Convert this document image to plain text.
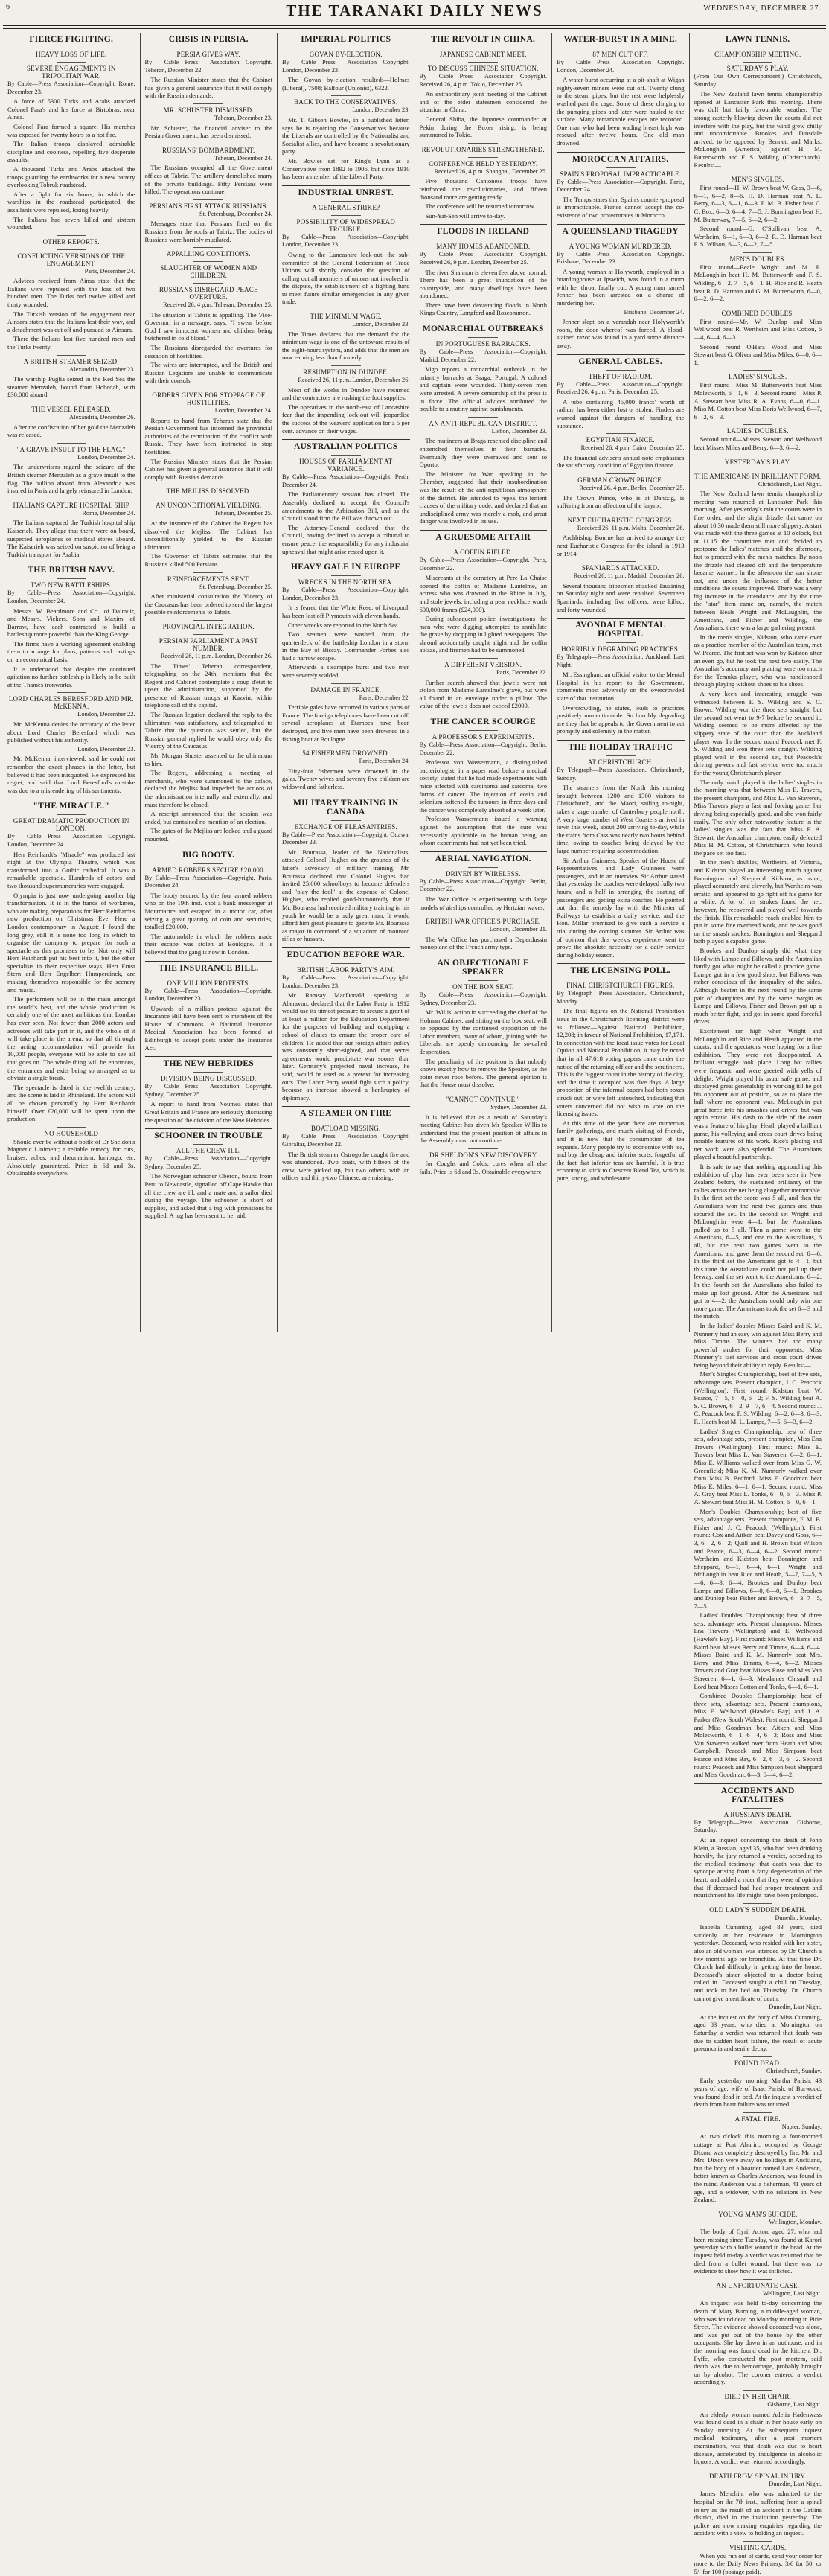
6	THE TARANAKI DAILY NEWS	WEDNESDAY, DECEMBER 27.
FIERCE FIGHTING.
HEAVY LOSS OF LIFE.
SEVERE ENGAGEMENTS IN TRIPOLITAN WAR.
By Cable—Press Association—Copyright. Rome, December 23.
A force of 5300 Turks and Arabs attacked Colonel Fara's and his force at Birtobras, near Ainsa.
Colonel Fara formed a square. His marches was exposed for twenty hours to a hot fire.
The Italian troops displayed admirable discipline and coolness, repelling five desperate assaults.
A thousand Turks and Arabs attacked the troops guarding the earthworks for a new battery overlooking Tobruk roadstead.
After a fight for six hours, in which the warships in the roadstead participated, the assailants were repulsed, losing heavily.
The Italians had seven killed and sixteen wounded.
OTHER REPORTS.
CONFLICTING VERSIONS OF THE ENGAGEMENT.
Paris, December 24.
Advices received from Ainsa state that the Italians were repulsed with the loss of two hundred men. The Turks had twelve killed and thirty wounded.
The Turkish version of the engagement near Ainsara states that the Italians lost their way, and a detachment was cut off and pursued to Ainsara.
There the Italians lost five hundred men and the Turks twenty.
A BRITISH STEAMER SEIZED.
Alexandria, December 23.
The warship Puglia seized in the Red Sea the steamer Menzaleh, bound from Hobedah, with £30,000 aboard.
THE VESSEL RELEASED.
Alexandria, December 26.
After the confiscation of her gold the Menzaleh was released.
"A GRAVE INSULT TO THE FLAG."
London, December 24.
The underwriters regard the seizure of the British steamer Menzaleh as a grave insult to the flag. The bullion aboard from Alexandria was insured in Paris and largely reinsured in London.
ITALIANS CAPTURE HOSPITAL SHIP
Rome, December 24.
The Italians captured the Turkish hospital ship Kaiserieh. They allege that there were on board, suspected aeroplanes or medical stores aboard. The Kaiserieh was seized on suspicion of being a Turkish transport for Arabia.
THE BRITISH NAVY.
TWO NEW BATTLESHIPS.
By Cable—Press Association—Copyright. London, December 24.
Messrs. W. Beardmore and Co., of Dalmuir, and Messrs. Vickers, Sons and Maxim, of Barrow, have each contracted to build a battleship more powerful than the King George.
The firms have a working agreement enabling them to arrange for plans, patterns and castings on an economical basis.
It is understood that despite the continued agitation no further battleship is likely to be built at the Thames ironworks.
LORD CHARLES BERESFORD AND MR. McKENNA.
London, December 22.
Mr. McKenna denies the accuracy of the letter about Lord Charles Beresford which was published without his authority.
London, December 23.
Mr. McKenna, interviewed, said he could not remember the exact phrases in the letter, but believed it had been misquoted. He expressed his regret, and said that Lord Beresford's mistake was due to a misrendering of his sentiments.
"THE MIRACLE."
GREAT DRAMATIC PRODUCTION IN LONDON.
By Cable—Press Association—Copyright. London, December 24.
Herr Reinhardt's "Miracle" was produced last night at the Olympia Theatre, which was transformed into a Gothic cathedral. It was a remarkable spectacle. Hundreds of actors and two thousand supernumeraries were engaged.
Olympia is just now undergoing another big transformation. It is in the hands of workmen, who are making preparations for Herr Reinhardt's new production on Christmas Eve. Here a London contemporary in August: I found the long grey, still it is none too long in which to organise the company to prepare for such a spectacle as this promises to be. Not only will Herr Reinhardt put his best into it, but the other specialists in their respective ways, Herr Ernst Stern and Herr Engelbert Humperdinck, are making themselves responsible for the scenery and music.
The performers will be in the main amongst the world's best, and the whole production is certainly one of the most ambitious that London has ever seen. Not fewer than 2000 actors and actresses will take part in it, and the whole of it will take place in the arena, so that all through the acting accommodation will provide for 10,000 people, everyone will be able to see all that goes on. The whole thing will be enormous, the entrances and exits being so arranged as to obviate a single break.
The spectacle is dated in the twelfth century, and the scene is laid in Rhineland. The actors will all be chosen personally by Herr Reinhardt himself. Over £20,000 will be spent upon the production.
NO HOUSEHOLD
Should ever be without a bottle of Dr Sheldon's Magnetic Liniment; a reliable remedy for cuts, bruises, aches, and rheumatism, lumbago, etc. Absolutely guaranteed. Price is 6d and 3s. Obtainable everywhere.
CRISIS IN PERSIA.
PERSIA GIVES WAY.
By Cable—Press Association—Copyright. Teheran, December 22.
The Russian Minister states that the Cabinet has given a general assurance that it will comply with the Russian demands.
MR. SCHUSTER DISMISSED.
Teheran, December 23.
Mr. Schuster, the financial adviser to the Persian Government, has been dismissed.
RUSSIANS' BOMBARDMENT.
Teheran, December 24.
The Russians occupied all the Government offices at Tabriz. The artillery demolished many of the private buildings. Fifty Persians were killed. The operations continue.
PERSIANS FIRST ATTACK RUSSIANS.
St. Petersburg, December 24.
Messages state that Persians fired on the Russians from the roofs at Tabriz. The bodies of Russians were horribly mutilated.
APPALLING CONDITIONS.
SLAUGHTER OF WOMEN AND CHILDREN.
RUSSIANS DISREGARD PEACE OVERTURE.
Received 26, 4 p.m. Teheran, December 25.
The situation at Tabriz is appalling. The Vice-Governor, in a message, says: "I swear before God I saw innocent women and children being butchered in cold blood."
The Russians disregarded the overtures for cessation of hostilities.
The wires are interrupted, and the British and Russian Legations are unable to communicate with their consuls.
ORDERS GIVEN FOR STOPPAGE OF HOSTILITIES.
London, December 24.
Reports to hand from Teheran state that the Persian Government has informed the provincial authorities of the termination of the conflict with Russia. They have been instructed to stop hostilities.
The Russian Minister states that the Persian Cabinet has given a general assurance that it will comply with Russia's demands.
THE MEJLISS DISSOLVED.
AN UNCONDITIONAL YIELDING.
Teheran, December 25.
At the instance of the Cabinet the Regent has dissolved the Mejliss. The Cabinet has unconditionally yielded to the Russian ultimatum.
The Governor of Tabriz estimates that the Russians killed 500 Persians.
REINFORCEMENTS SENT.
St. Petersburg, December 25.
After ministerial consultation the Viceroy of the Caucasus has been ordered to send the largest possible reinforcements to Tabriz.
PROVINCIAL INTEGRATION.
PERSIAN PARLIAMENT A PAST NUMBER.
Received 26, 11 p.m. London, December 26.
The Times' Teheran correspondent, telegraphing on the 24th, mentions that the Regent and Cabinet contemplate a coup d'etat to upset the administration, supported by the presence of Russian troops at Kazvin, within telephone call of the capital.
The Russian legation declared the reply to the ultimatum was satisfactory, and telegraphed to Tabriz that the question was settled, but the Russian general replied he would obey only the Viceroy of the Caucasus.
Mr. Morgan Shuster assented to the ultimatum to him.
The Regent, addressing a meeting of merchants, who were summoned to the palace, declared the Mejliss had impeded the actions of the administration internally and externally, and must therefore be closed.
A rescript announced that the session was ended, but contained no mention of an election.
The gates of the Mejliss are locked and a guard mounted.
BIG BOOTY.
ARMED ROBBERS SECURE £20,000.
By Cable—Press Association—Copyright. Paris, December 24.
The booty secured by the four armed robbers who on the 19th inst. shot a bank messenger at Montmartre and escaped in a motor car, after seizing a great quantity of coin and securities, totalled £20,000.
The automobile in which the robbers made their escape was stolen at Boulogne. It is believed that the gang is now in London.
THE INSURANCE BILL.
ONE MILLION PROTESTS.
By Cable—Press Association—Copyright. London, December 23.
Upwards of a million protests against the Insurance Bill have been sent to members of the House of Commons. A National Insurance Medical Association has been formed at Edinburgh to accept posts under the Insurance Act.
THE NEW HEBRIDES
DIVISION BEING DISCUSSED.
By Cable—Press Association—Copyright. Sydney, December 25.
A report to hand from Noumea states that Great Britain and France are seriously discussing the question of the division of the New Hebrides.
SCHOONER IN TROUBLE
ALL THE CREW ILL.
By Cable—Press Association—Copyright. Sydney, December 25.
The Norwegian schooner Oberon, bound from Peru to Newcastle, signalled off Cape Hawke that all the crew are ill, and a mate and a sailor died during the voyage. The schooner is short of supplies, and asked that a tug with provisions be supplied. A tug has been sent to her aid.
IMPERIAL POLITICS
GOVAN BY-ELECTION.
By Cable—Press Association—Copyright. London, December 23.
The Govan by-election resulted:—Holmes (Liberal), 7508; Balfour (Unionist), 6322.
BACK TO THE CONSERVATIVES.
London, December 23.
Mr. T. Gibson Bowles, in a published letter, says he is rejoining the Conservatives because the Liberals are controlled by the Nationalist and Socialist allies, and have become a revolutionary party.
Mr. Bowles sat for King's Lynn as a Conservative from 1892 to 1906, but since 1910 has been a member of the Liberal Party.
INDUSTRIAL UNREST.
A GENERAL STRIKE?
POSSIBILITY OF WIDESPREAD TROUBLE.
By Cable—Press Association—Copyright. London, December 23.
Owing to the Lancashire lock-out, the sub-committee of the General Federation of Trade Unions will shortly consider the question of calling out all members of unions not involved in the dispute, the establishment of a fighting fund to meet future similar emergencies in any given trade.
THE MINIMUM WAGE.
London, December 23.
The Times declares that the demand for the minimum wage is one of the untoward results of the eight-hours system, and adds that the men are now earning less than formerly.
RESUMPTION IN DUNDEE.
Received 26, 11 p.m. London, December 26.
Most of the works in Dundee have resumed and the contractors are rushing the foot supplies.
The operatives in the north-east of Lancashire fear that the impending lock-out will jeopardise the success of the weavers' application for a 5 per cent. advance on their wages.
AUSTRALIAN POLITICS
HOUSES OF PARLIAMENT AT VARIANCE.
By Cable—Press Association—Copyright. Perth, December 24.
The Parliamentary session has closed. The Assembly declined to accept the Council's amendments to the Arbitration Bill, and as the Council stood firm the Bill was thrown out.
The Attorney-General declared that the Council, having declined to accept a tribunal to ensure peace, the responsibility for any industrial upheaval that might arise rested upon it.
HEAVY GALE IN EUROPE
WRECKS IN THE NORTH SEA.
By Cable—Press Association—Copyright. London, December 23.
It is feared that the White Rose, of Liverpool, has been lost off Plymouth with eleven hands.
Other wrecks are reported in the North Sea.
Two seamen were washed from the quarterdeck of the battleship London in a storm in the Bay of Biscay. Commander Forbes also had a narrow escape.
Afterwards a steampipe burst and two men were severely scalded.
DAMAGE IN FRANCE.
Paris, December 22.
Terrible gales have occurred in various parts of France. The foreign telephones have been cut off, several aeroplanes at Etampes have been destroyed, and five men have been drowned in a fishing boat at Boulogne.
54 FISHERMEN DROWNED.
Paris, December 24.
Fifty-four fishermen were drowned in the gales. Twenty wives and seventy five children are widowed and fatherless.
MILITARY TRAINING IN CANADA
EXCHANGE OF PLEASANTRIES.
By Cable—Press Association—Copyright. Ottawa, December 23.
Mr. Bourassa, leader of the Nationalists, attacked Colonel Hughes on the grounds of the latter's advocacy of military training. Mr. Bourassa declared that Colonel Hughes had invited 25,000 schoolboys to become defenders and "play the fool" at the expense of Colonel Hughes, who replied good-humouredly that if Mr. Bourassa had received military training in his youth he would be a truly great man. It would afford him great pleasure to gazette Mr. Bourassa as major in command of a squadron of mounted rifles or hussars.
EDUCATION BEFORE WAR.
BRITISH LABOR PARTY'S AIM.
By Cable—Press Association—Copyright. London, December 23.
Mr. Ramsay MacDonald, speaking at Aberavon, declared that the Labor Party in 1912 would use its utmost pressure to secure a grant of at least a million for the Education Department for the purposes of building and equipping a school of clinics to ensure the proper care of children. He added that our foreign affairs policy was constantly short-sighted, and that secret agreements would precipitate war sooner than later. Germany's projected naval increase, he said, would be used as a pretext for increasing ours. The Labor Party would fight such a policy, because an increase showed a bankruptcy of diplomacy.
A STEAMER ON FIRE
BOATLOAD MISSING.
By Cable—Press Association—Copyright. Gibraltar, December 22.
The British steamer Ostrogothe caught fire and was abandoned. Two boats, with fifteen of the crew, were picked up, but two others, with an officer and thirty-two Chinese, are missing.
THE REVOLT IN CHINA.
JAPANESE CABINET MEET.
TO DISCUSS CHINESE SITUATION.
By Cable—Press Association—Copyright. Received 26, 4 p.m. Tokio, December 25.
An extraordinary joint meeting of the Cabinet and of the elder statesmen considered the situation in China.
General Shiba, the Japanese commander at Pekin during the Boxer rising, is being summoned to Tokio.
REVOLUTIONARIES STRENGTHENED.
CONFERENCE HELD YESTERDAY.
Received 26, 4 p.m. Shanghai, December 25.
Five thousand Cantonese troops have reinforced the revolutionaries, and fifteen thousand more are getting ready.
The conference will be resumed tomorrow.
Sun-Yat-Sen will arrive to-day.
FLOODS IN IRELAND
MANY HOMES ABANDONED.
By Cable—Press Association—Copyright. Received 26, 9 p.m. London, December 25.
The river Shannon is eleven feet above normal. There has been a great inundation of the countryside, and many dwellings have been abandoned.
There have been devastating floods in North Kings Country, Longford and Roscommon.
MONARCHIAL OUTBREAKS
IN PORTUGUESE BARRACKS.
By Cable—Press Association—Copyright. Madrid, December 22.
Vigo reports a monarchial outbreak in the infantry barracks at Braga, Portugal. A colonel and captain were wounded. Thirty-seven men were arrested. A severe censorship of the press is in force. The official advices attributed the trouble to a mutiny against punishments.
AN ANTI-REPUBLICAN DISTRICT.
Lisbon, December 23.
The mutineers at Braga resented discipline and entrenched themselves in their barracks. Eventually they were overawed and sent to Oporto.
The Minister for War, speaking in the Chamber, suggested that their insubordination was the result of the anti-republican atmosphere of the district. He intended to repeal the lenient clauses of the military code, and declared that an undisciplined army was merely a mob, and great danger was involved in its use.
A GRUESOME AFFAIR
A COFFIN RIFLED.
By Cable—Press Association—Copyright. Paris, December 22.
Miscreants at the cemetery at Pere La Chaise opened the coffin of Madame Lantelme, an actress who was drowned in the Rhine in July, and stole jewels, including a pear necklace worth 600,000 francs (£24,000).
During subsequent police investigations the men who were digging attempted to annihilate the grave by dropping in lighted newspapers. The shroud accidentally caught alight and the coffin ablaze, and firemen had to be summoned.
A DIFFERENT VERSION.
Paris, December 22.
Further search showed that jewels were not stolen from Madame Lantelme's grave, but were all found in an envelope under a pillow. The value of the jewels does not exceed £2000.
THE CANCER SCOURGE
A PROFESSOR'S EXPERIMENTS.
By Cable—Press Association—Copyright. Berlin, December 22.
Professor von Wassermann, a distinguished bacteriologist, in a paper read before a medical society, stated that he had made experiments with mice affected with carcinoma and sarcoma, two forms of cancer. The injection of eosin and selenium softened the tumours in three days and the cancer was completely absorbed a week later.
Professor Wassermann issued a warning against the assumption that the cure was necessarily applicable to the human being, on whom experiments had not yet been tried.
AERIAL NAVIGATION.
DRIVEN BY WIRELESS.
By Cable—Press Association—Copyright. Berlin, December 22.
The War Office is experimenting with large models of airships controlled by Hertzian waves.
BRITISH WAR OFFICE'S PURCHASE.
London, December 21.
The War Office has purchased a Deperdussin monoplane of the French army type.
AN OBJECTIONABLE SPEAKER
ON THE BOX SEAT.
By Cable—Press Association—Copyright. Sydney, December 23.
Mr. Willis' action in succeeding the chief of the Holman Cabinet, and sitting on the box seat, will be opposed by the continued opposition of the Labor members, many of whom, joining with the Liberals, are openly denouncing the so-called desperation.
The peculiarity of the position is that nobody knows exactly how to remove the Speaker, as the point never rose before. The general opinion is that the House must dissolve.
"CANNOT CONTINUE."
Sydney, December 23.
It is believed that as a result of Saturday's meeting Cabinet has given Mr Speaker Willis to understand that the present position of affairs in the Assembly must not continue.
DR SHELDON'S NEW DISCOVERY
for Coughs and Colds, cures when all else fails. Price is 6d and 3s. Obtainable everywhere.
WATER-BURST IN A MINE.
87 MEN CUT OFF.
By Cable—Press Association—Copyright. London, December 24.
A water-burst occurring at a pit-shaft at Wigan eighty-seven miners were cut off. Twenty clung to the steam pipes, but the rest were helplessly washed past the cage. Some of these clinging to the pumping pipes and later were hauled to the surface. Many remarkable escapes are recorded. One man who had been wading breast high was rescued after twelve hours. One old man drowned.
MOROCCAN AFFAIRS.
SPAIN'S PROPOSAL IMPRACTICABLE.
By Cable—Press Association—Copyright. Paris, December 24.
The Temps states that Spain's counter-proposal is impracticable. France cannot accept the co-existence of two protectorates in Morocco.
A QUEENSLAND TRAGEDY
A YOUNG WOMAN MURDERED.
By Cable—Press Association—Copyright. Brisbane, December 23.
A young woman at Holyworth, employed in a boardinghouse at Ipswich, was found in a room with her throat fatally cut. A young man named Jenner has been arrested on a charge of murdering her.
Brisbane, December 24.
Jenner slept on a verandah near Holyworth's room, the door whereof was forced. A blood-stained razor was found in a yard some distance away.
GENERAL CABLES.
THEFT OF RADIUM.
By Cable—Press Association—Copyright. Received 26, 4 p.m. Paris, December 25.
A tube containing 45,000 francs' worth of radium has been either lost or stolen. Finders are warned against the dangers of handling the substance.
EGYPTIAN FINANCE.
Received 26, 4 p.m. Cairo, December 25.
The financial adviser's annual note emphasises the satisfactory condition of Egyptian finance.
GERMAN CROWN PRINCE.
Received 26, 4 p.m. Berlin, December 25.
The Crown Prince, who is at Dantzig, is suffering from an affection of the larynx.
NEXT EUCHARISTIC CONGRESS.
Received 26, 11 p.m. Malta, December 26.
Archbishop Bourne has arrived to arrange the next Eucharistic Congress for the island in 1913 or 1914.
SPANIARDS ATTACKED.
Received 26, 11 p.m. Madrid, December 26.
Several thousand tribesmen attacked Tauzining on Saturday night and were repulsed. Seventeen Spaniards, including five officers, were killed, and forty wounded.
AVONDALE MENTAL HOSPITAL
HORRIBLY DEGRADING PRACTICES.
By Telegraph—Press Association. Auckland, Last Night.
Mr. Essingham, an official visitor to the Mental Hospital in his report to the Government, comments most adversely on the overcrowded state of that institution.
Overcrowding, he states, leads to practices positively unmentionable. So horribly degrading are they that he appeals to the Government to act promptly and solemnly in the matter.
THE HOLIDAY TRAFFIC
AT CHRISTCHURCH.
By Telegraph—Press Association. Christchurch, Sunday.
The steamers from the North this morning brought between 1200 and 1300 visitors to Christchurch, and the Maori, sailing to-night, takes a large number of Canterbury people north. A very large number of West Coasters arrived in town this week, about 200 arriving to-day, while the trains from Cass was nearly two hours behind time, owing to coaches being delayed by the large number requiring accommodation.
Sir Arthur Guinness, Speaker of the House of Representatives, and Lady Guinness were passengers, and in an interview Sir Arthur stated that yesterday the coaches were delayed fully two hours, and a half in arranging the seating of passengers and getting extra coaches. He pointed out that the remedy lay with the Minister of Railways to establish a daily service, and the Hon. Millar promised to give such a service a trial during the coming summer. Sir Arthur was of opinion that this week's experience went to prove the absolute necessity for a daily service during holiday season.
THE LICENSING POLL.
FINAL CHRISTCHURCH FIGURES.
By Telegraph—Press Association. Christchurch, Monday.
The final figures on the National Prohibition issue in the Christchurch licensing district were as follows:—Against National Prohibition, 12,208; in favour of National Prohibition, 17,171. In connection with the local issue votes for Local Option and National Prohibition, it may be noted that in all 47,618 voting papers came under the notice of the returning officer and the scrutineers. This is the biggest count in the history of the city, and the time it occupied was five days. A large proportion of the informal papers had both boxes struck out, or were left untouched, indicating that voters concerned did not wish to vote on the licensing issues.
At this time of the year there are numerous family gatherings, and much visiting of friends, and it is now that the consumption of tea expands. Many people try to economise with tea, and buy the cheap and inferior sorts, forgetful of the fact that inferior teas are harmful. It is true economy to stick to Crescent Blend Tea, which is pure, strong, and wholesome.
LAWN TENNIS.
CHAMPIONSHIP MEETING.
SATURDAY'S PLAY.
(From Our Own Correspondent.) Christchurch, Saturday.
The New Zealand lawn tennis championship opened at Lancaster Park this morning. There was dull but fairly favourable weather. The strong easterly blowing down the courts did not interfere with the play, but the wind grew chilly and uncomfortable. Brookes and Dinsdale arrived, to be opposed by Bennett and Marks. McLoughlin (America) against H. M. Butterworth and F. S. Wilding (Christchurch). Results:—
MEN'S SINGLES.
First round—H. W. Brown beat W. Goss, 3—6, 6—1, 6—2, 8—6. H. D. Harman beat A. E. Berry, 6—3, 6—1, 6—3. F. M. B. Fisher beat C. C. Box, 6—0, 6—4, 7—5. J. Bonnington beat H. M. Butterway, 7—5, 6—2, 6—2.
Second round—G. O'Sullivan beat A. Wertheim, 6—1, 6—3, 6—2. R. D. Harman beat P. S. Wilson, 6—3, 6—2, 7—5.
MEN'S DOUBLES.
First round—Beale Wright and M. E. McLoughlin beat H. M. Butterworth and F. S. Wilding, 6—2, 7—5, 6—1. H. Rice and R. Heath beat R. D. Harman and G. M. Butterworth, 6—0, 6—2, 6—2.
COMBINED DOUBLES.
First round—Mr. W. Dunlop and Miss Wellwood beat R. Wertheim and Miss Cotton, 6—4, 6—4, 6—3.
Second round—O'Hara Wood and Miss Stewart beat G. Oliver and Miss Miles, 6—0, 6—1.
LADIES' SINGLES.
First round—Miss M. Butterworth beat Miss Molesworth, 6—1, 6—3. Second round—Miss P. A. Stewart beat Miss R. A. Evans, 6—0, 6—1. Miss M. Cotton beat Miss Doris Wellwood, 6—7, 6—2, 6—3.
LADIES' DOUBLES.
Second round—Misses Stewart and Wellwood beat Misses Miles and Berry, 6—3, 6—2.
YESTERDAY'S PLAY.
THE AMERICANS IN BRILLIANT FORM.
Christchurch, Last Night.
The New Zealand lawn tennis championship meeting was resumed at Lancaster Park this morning. After yesterday's rain the courts were in fine order, and the slight drizzle that came on about 10.30 made them still more slippery. A start was made with the three games at 10 o'clock, but at 11.15 the committee met and decided to postpone the ladies' matches until the afternoon, but to proceed with the men's matches. By noon the drizzle had cleared off and the temperature became warmer. In the afternoon the sun shone out, and under the influence of the better conditions the courts improved. There was a very big increase in the attendance, and by the time the "star" item came on, namely, the match between Beals Wright and McLaughlin, the Americans, and Fisher and Wilding, the Australians, there was a large gathering present.
In the men's singles, Kidston, who came over as a practice member of the Australian team, met W. Pearce. The first set was won by Kidston after an even go, but he took the next two easily. The Australian's accuracy and placing were too much for the Temuka player, who was handicapped through playing without shoes to his shoes.
A very keen and interesting struggle was witnessed between F. S. Wilding and S. C. Brown. Wilding won the three sets straight, but the second set went to 9-7 before he secured it. Wilding seemed to be more affected by the slippery state of the court than the Auckland player was. In the second round Peacock met F. S. Wilding and won three sets straight. Wilding played well in the second set, but Peacock's driving powers and fast service were too much for the young Christchurch player.
The only match played in the ladies' singles in the morning was that between Miss E. Travers, the present champion, and Miss L. Van Staveren, Miss Travers plays a fast and forcing game, her driving being especially good, and she won fairly easily. The only other noteworthy feature in the ladies' singles was the fact that Miss P. A. Stewart, the Australian champion, easily defeated Miss H. M. Cotton, of Christchurch, who found the pace set too fast.
In the men's doubles, Wertheim, of Victoria, and Kidston played an interesting match against Bonnington and Sheppard. Kidston, as usual, played accurately and cleverly, but Wertheim was erratic, and appeared to go right off his game for a while. A lot of his strokes found the net, however, he recovered and played well towards the finish. His remarkable reach enabled him to put in some fine overhead work, and he was good on the smash strokes. Bonnington and Sheppard both played a capable game.
Brookes and Dunlop simply did what they liked with Lampe and Billows, and the Australian hardly got what might be called a practice game. Lampe got in a few good shots, but Billows was rather conscious of the inequality of the sides. Although beaten in the next round by the same pair of champions and by the same margin as Lampe and Billows, Fisher and Brown put up a much better fight, and got in some good forceful drives.
Excitement ran high when Wright and McLoughlin and Rice and Heath appeared in the courts, and the spectators were hoping for a fine exhibition. They were not disappointed. A brilliant struggle took place. Long hot rallies were frequent, and were greeted with yells of delight. Wright played his usual safe game, and displayed great generalship in working till he got his opponent out of position, so as to place the ball where no opponent was. McLoughlin put great force into his smashes and drives, but was again erratic. His dash to the side of the court was a feature of his play. Heath played a brilliant game, his volleying and cross court drives being notable features of his work. Rice's placing and net work were also splendid. The Australians played a beautiful partnership.
It is safe to say that nothing approaching this exhibition of play has ever been seen in New Zealand before, the sustained brilliancy of the rallies across the net being altogether memorable. In the first set the score was 5 all, and then the Australians won the next two games and thus secured the set. In the second set Wright and McLoughlin were 4—1, but the Australians pulled up to 5 all. Then a game went to the Americans, 6—5, and one to the Australians, 6 all, but the next two games went to the Americans, and gave them the second set, 8—6. In the third set the Americans got to 4—1, but this time the Australians could not pull up their leeway, and the set went to the Americans, 6—2. In the fourth set the Australians also failed to make up lost ground. After the Americans had got to 4—2, the Australians could only win one more game. The Americans took the set 6—3 and the match.
In the ladies' doubles Misses Baird and K. M. Nunnerly had an easy win against Miss Berry and Miss Timms. The winners had too many powerful strokes for their opponents, Miss Nunnerly's fast services and cross court drives being beyond their ability to reply. Results:—
Men's Singles Championship, best of five sets, advantage sets. Present champion, J. C. Peacock (Wellington). First round: Kidston beat W. Pearce, 7—5, 6—0, 6—2; F. S. Wilding beat A. S. C. Brown, 6—2, 9—7, 6—4. Second round: J. C. Peacock beat F. S. Wilding, 6—2, 6—3, 6—3; R. Heath beat M. L. Lampe, 7—5, 6—3, 6—2.
Ladies' Singles Championship; best of three sets, advantage sets, present champion, Miss Ena Travers (Wellington). First round: Miss E. Travers beat Miss L. Van Staveren, 6—2, 6—1; Miss E. Williams walked over from Miss G. W. Greenfield; Miss K. M. Nunnerly walked over from Miss B. Bedford. Miss E. Goodman beat Miss E. Miles, 6—1, 6—1. Second round: Miss A. Gray beat Miss L. Tonks, 6—0, 6—3. Miss P. A. Stewart beat Miss H. M. Cotton, 6—0, 6—1.
Men's Doubles Championship; best of five sets, advantage sets. Present champions, F. M. B. Fisher and J. C. Peacock (Wellington). First round: Cox and Aitken beat Davey and Goss, 6—3, 6—2, 6—2; Quill and H. Brown beat Wilson and Pearce, 6—3, 6—4, 6—2. Second round: Wertheim and Kidston beat Bonnington and Sheppard, 6—1, 6—4, 6—1. Wright and McLoughlin beat Rice and Heath, 5—7, 7—5, 8—6, 6—3, 6—4. Brookes and Dunlop beat Lampe and Billows, 6—0, 6—0, 6—1. Brookes and Dunlop beat Fisher and Brown, 6—3, 7—5, 7—5.
Ladies' Doubles Championship; best of three sets, advantage sets. Present champions, Misses Ena Travers (Wellington) and E. Wellwood (Hawke's Bay). First round: Misses Williams and Baird beat Misses Berry and Timms, 6—4, 6—4. Misses Baird and K. M. Nunnerly beat Mrs. Berry and Miss Timms, 6—4, 6—2. Misses Travers and Gray beat Misses Rose and Miss Van Staveren, 6—1, 6—3; Mesdames Chisnall and Lord beat Misses Cotton and Tonks, 6—1, 6—1.
Combined Doubles Championship; best of three sets, advantage sets. Present champions, Miss E. Wellwood (Hawke's Bay) and J. A. Parker (New South Wales). First round: Sheppard and Miss Goodman beat Aitken and Miss Molesworth, 6—1, 6—4, 6—3; Ross and Miss Van Staveren walked over from Heath and Miss Campbell. Peacock and Miss Simpson beat Pearce and Miss Bay, 6—2, 6—3, 6—2. Second round: Peacock and Miss Simpson beat Sheppard and Miss Goodman, 6—3, 6—4, 6—2.
ACCIDENTS AND FATALITIES
A RUSSIAN'S DEATH.
By Telegraph—Press Association. Gisborne, Saturday.
At an inquest concerning the death of John Klein, a Russian, aged 35, who had been drinking heavily, the jury returned a verdict, according to the medical testimony, that death was due to syncope arising from a fatty degeneration of the heart, and added a rider that they were of opinion that if deceased had had proper treatment and nourishment his life might have been prolonged.
OLD LADY'S SUDDEN DEATH.
Dunedin, Monday.
Isabella Cumming, aged 83 years, died suddenly at her residence in Mornington yesterday. Deceased, who resided with her sister, also an old woman, was attended by Dr. Church a few months ago for bronchitis. At that time Dr. Church had difficulty in getting into the house. Deceased's sister objected to a doctor being called in. Deceased sought a chill on Tuesday, and took to her bed on Thursday. Dr. Church cannot give a certificate of death.
Dunedin, Last Night.
At the inquest on the body of Miss Cumming, aged 83 years, who died at Mornington on Saturday, a verdict was returned that death was due to sudden heart failure, the result of acute pneumonia and senile decay.
FOUND DEAD.
Christchurch, Sunday.
Early yesterday morning Martha Parish, 43 years of age, wife of Isaac Parish, of Burwood, was found dead in bed. At the inquest a verdict of death from heart failure was returned.
A FATAL FIRE.
Napier, Sunday.
At two o'clock this morning a four-roomed cottage at Port Ahuriri, occupied by George Dixon, was completely destroyed by fire. Mr. and Mrs. Dixon were away on holidays in Auckland, but the body of a boarder named Lars Anderson, better known as Charles Anderson, was found in the ruins. Anderson was a fisherman, 41 years of age, and a widower, with no relations in New Zealand.
YOUNG MAN'S SUICIDE.
Wellington, Monday.
The body of Cyril Acton, aged 27, who had been missing since Tuesday, was found at Karori yesterday with a bullet wound in the head. At the inquest held to-day a verdict was returned that he died from a bullet wound, but there was no evidence to show how it was inflicted.
AN UNFORTUNATE CASE.
Wellington, Last Night.
An inquest was held to-day concerning the death of Mary Burning, a middle-aged woman, who was found dead on Monday morning in Pirie Street. The evidence showed deceased was alone, and was put out of the house by the other occupants. She lay down in an outhouse, and in the morning was found dead in the kitchen. Dr. Fyffe, who conducted the post mortem, said death was due to hemorrhage, probably brought on by alcohol. The coroner entered a verdict accordingly.
DIED IN HER CHAIR.
Gisborne, Last Night.
An elderly woman named Adelia Hadenwass was found dead in a chair in her house early on Sunday morning. At the subsequent inquest medical testimony, after a post mortem examination, was that death was due to heart disease, accelerated by indulgence in alcoholic liquors. A verdict was returned accordingly.
DEATH FROM SPINAL INJURY.
Dunedin, Last Night.
James Mehehin, who was admitted to the hospital on the 7th inst., suffering from a spinal injury as the result of an accident in the Catlins district, died in the institution yesterday. The police are now making enquiries regarding the accident with a view to holding an inquest.
VISITING CARDS.
When you run out of cards, send your order for more to the Daily News Printery. 3/6 for 50, or 5/- for 100 (postage paid).
